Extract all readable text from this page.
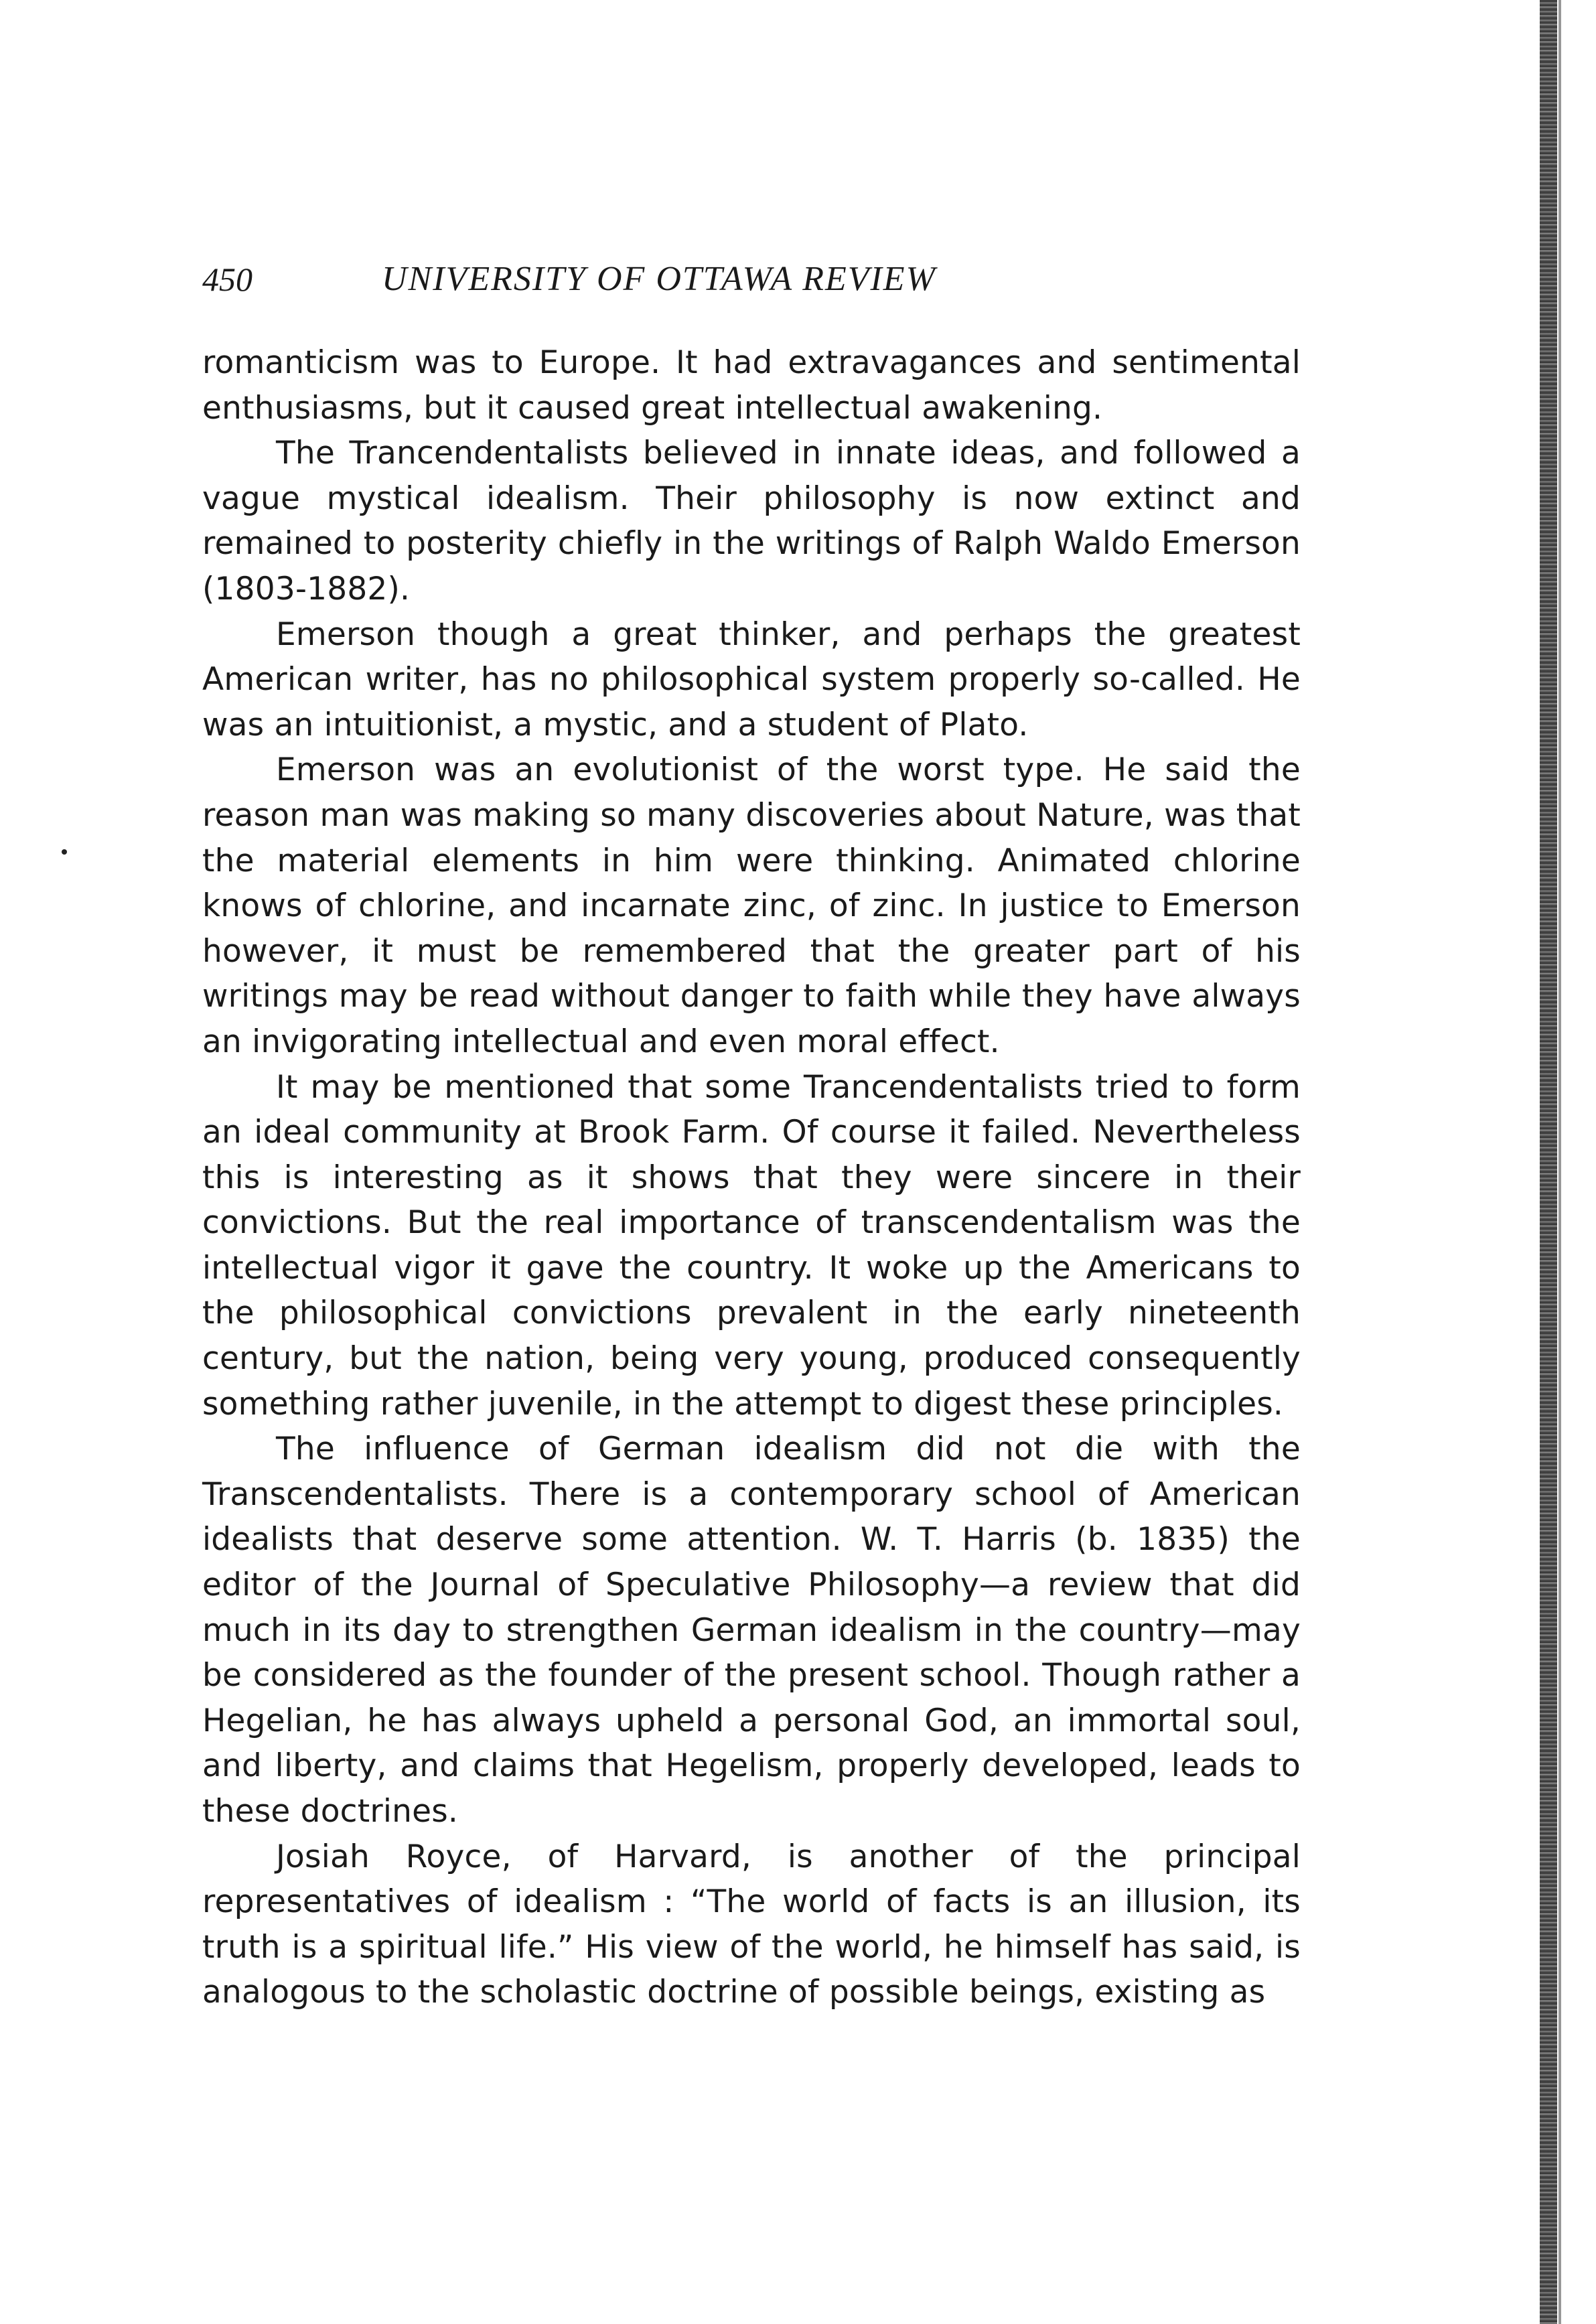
450	UNIVERSITY OF OTTAWA REVIEW

romanticism was to Europe. It had extravagances and sentimental enthusiasms, but it caused great intellectual awakening.

The Trancendentalists believed in innate ideas, and followed a vague mystical idealism. Their philosophy is now extinct and remained to posterity chiefly in the writings of Ralph Waldo Emerson (1803-1882).

Emerson though a great thinker, and perhaps the greatest American writer, has no philosophical system properly so-called. He was an intuitionist, a mystic, and a student of Plato.

Emerson was an evolutionist of the worst type. He said the reason man was making so many discoveries about Nature, was that the material elements in him were thinking. Animated chlorine knows of chlorine, and incarnate zinc, of zinc. In justice to Emerson however, it must be remembered that the greater part of his writings may be read without danger to faith while they have always an invigorating intellectual and even moral effect.

It may be mentioned that some Trancendentalists tried to form an ideal community at Brook Farm. Of course it failed. Nevertheless this is interesting as it shows that they were sincere in their convictions. But the real importance of transcendentalism was the intellectual vigor it gave the country. It woke up the Americans to the philosophical convictions prevalent in the early nineteenth century, but the nation, being very young, produced consequently something rather juvenile, in the attempt to digest these principles.

The influence of German idealism did not die with the Transcendentalists. There is a contemporary school of American idealists that deserve some attention. W. T. Harris (b. 1835) the editor of the Journal of Speculative Philosophy—a review that did much in its day to strengthen German idealism in the country—may be considered as the founder of the present school. Though rather a Hegelian, he has always upheld a personal God, an immortal soul, and liberty, and claims that Hegelism, properly developed, leads to these doctrines.

Josiah Royce, of Harvard, is another of the principal representatives of idealism : “The world of facts is an illusion, its truth is a spiritual life.” His view of the world, he himself has said, is analogous to the scholastic doctrine of possible beings, existing as
